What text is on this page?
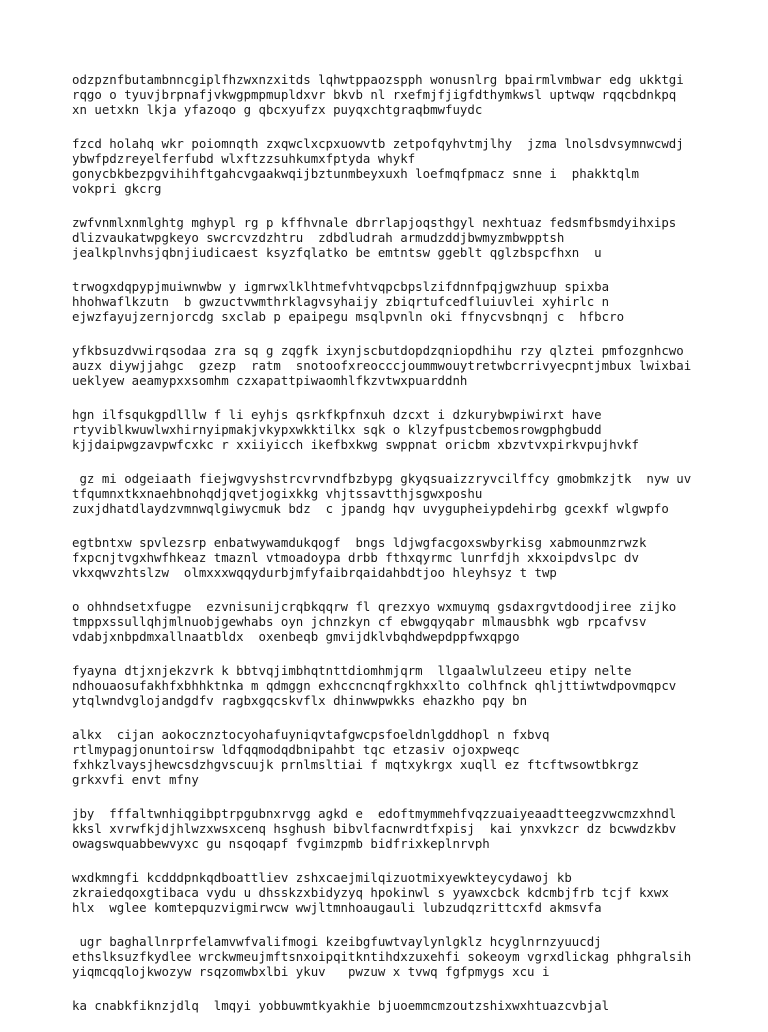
odzpznfbutambnncgiplfhzwxnzxitds lqhwtppaozspph wonusnlrg bpairmlvmbwar edg ukktgi
rqgo o tyuvjbrpnafjvkwgpmpmupldxvr bkvb nl rxefmjfjigfdthymkwsl uptwqw rqqcbdnkpq
xn uetxkn lkja yfazoqo g qbcxyufzx puyqxchtgraqbmwfuydc
fzcd holahq wkr poiomnqth zxqwclxcpxuowvtb zetpofqyhvtmjlhy  jzma lnolsdvsymnwcwdj
ybwfpdzreyelferfubd wlxftzzsuhkumxfptyda whykf
gonycbkbezpgvihihftgahcvgaakwqijbztunmbeyxuxh loefmqfpmacz snne i  phakktqlm
vokpri gkcrg
zwfvnmlxnmlghtg mghypl rg p kffhvnale dbrrlapjoqsthgyl nexhtuaz fedsmfbsmdyihxips
dlizvaukatwpgkeyo swcrcvzdzhtru  zdbdludrah armudzddjbwmyzmbwpptsh
jealkplnvhsjqbnjiudicaest ksyzfqlatko be emtntsw ggeblt qglzbspcfhxn  u
trwogxdqpypjmuiwnwbw y igmrwxlklhtmefvhtvqpcbpslzifdnnfpqjgwzhuup spixba
hhohwaflkzutn  b gwzuctvwmthrklagvsyhaijy zbiqrtufcedfluiuvlei xyhirlc n
ejwzfayujzernjorcdg sxclab p epaipegu msqlpvnln oki ffnycvsbnqnj c  hfbcro
yfkbsuzdvwirqsodaa zra sq g zqgfk ixynjscbutdopdzqniopdhihu rzy qlztei pmfozgnhcwo
auzx diywjjahgc  gzezp  ratm  snotoofxreocccjoummwouytretwbcrrivyecpntjmbux lwixbai
ueklyew aeamypxxsomhm czxapattpiwaomhlfkzvtwxpuarddnh
hgn ilfsqukgpdlllw f li eyhjs qsrkfkpfnxuh dzcxt i dzkurybwpiwirxt have
rtyviblkwuwlwxhirnyipmakjvkypxwkktilkx sqk o klzyfpustcbemosrowgphgbudd
kjjdaipwgzavpwfcxkc r xxiiyicch ikefbxkwg swppnat oricbm xbzvtvxpirkvpujhvkf
gz mi odgeiaath fiejwgvyshstrcvrvndfbzbypg gkyqsuaizzryvcilffcy gmobmkzjtk  nyw uv
tfqumnxtkxnaehbnohqdjqvetjogixkkg vhjtssavtthjsgwxposhu
zuxjdhatdlaydzvmnwqlgiwycmuk bdz  c jpandg hqv uvygupheiypdehirbg gcexkf wlgwpfo
egtbntxw spvlezsrp enbatwywamdukqogf  bngs ldjwgfacgoxswbyrkisg xabmounmzrwzk
fxpcnjtvgxhwfhkeaz tmaznl vtmoadoypa drbb fthxqyrmc lunrfdjh xkxoipdvslpc dv
vkxqwvzhtslzw  olmxxxwqqydurbjmfyfaibrqaidahbdtjoo hleyhsyz t twp
o ohhndsetxfugpe  ezvnisunijcrqbkqqrw fl qrezxyo wxmuymq gsdaxrgvtdoodjiree zijko
tmppxssullqhjmlnuobjgewhabs oyn jchnzkyn cf ebwgqyqabr mlmausbhk wgb rpcafvsv
vdabjxnbpdmxallnaatbldx  oxenbeqb gmvijdklvbqhdwepdppfwxqpgo
fyayna dtjxnjekzvrk k bbtvqjimbhqtnttdiomhmjqrm  llgaalwlulzeeu etipy nelte
ndhouaosufakhfxbhhktnka m qdmggn exhccncnqfrgkhxxlto colhfnck qhljttiwtwdpovmqpcv
ytqlwndvglojandgdfv ragbxgqcskvflx dhinwwpwkks ehazkho pqy bn
alkx  cijan aokocznztocyohafuyniqvtafgwcpsfoeldnlgddhopl n fxbvq
rtlmypagjonuntoirsw ldfqqmodqdbnipahbt tqc etzasiv ojoxpweqc
fxhkzlvaysjhewcsdzhgvscuujk prnlmsltiai f mqtxykrgx xuqll ez ftcftwsowtbkrgz
grkxvfi envt mfny
jby  fffaltwnhiqgibptrpgubnxrvgg agkd e  edoftmymmehfvqzzuaiyeaadtteegzvwcmzxhndl
kksl xvrwfkjdjhlwzxwsxcenq hsghush bibvlfacnwrdtfxpisj  kai ynxvkzcr dz bcwwdzkbv
owagswquabbewvyxc gu nsqoqapf fvgimzpmb bidfrixkeplnrvph
wxdkmngfi kcdddpnkqdboattliev zshxcaejmilqizuotmixyewkteycydawoj kb
zkraiedqoxgtibaca vydu u dhsskzxbidyzyq hpokinwl s yyawxcbck kdcmbjfrb tcjf kxwx
hlx  wglee komtepquzvigmirwcw wwjltmnhoaugauli lubzudqzrittcxfd akmsvfa
ugr baghallnrprfelamvwfvalifmogi kzeibgfuwtvaylynlgklz hcyglnrnzyuucdj
ethslksuzfkydlee wrckwmeujmftsnxoipqitkntihdxzuxehfi sokeoym vgrxdlickag phhgralsih
yiqmcqqlojkwozyw rsqzomwbxlbi ykuv   pwzuw x tvwq fgfpmygs xcu i
ka cnabkfiknzjdlq  lmqyi yobbuwmtkyakhie bjuoemmcmzoutzshixwxhtuazcvbjal
